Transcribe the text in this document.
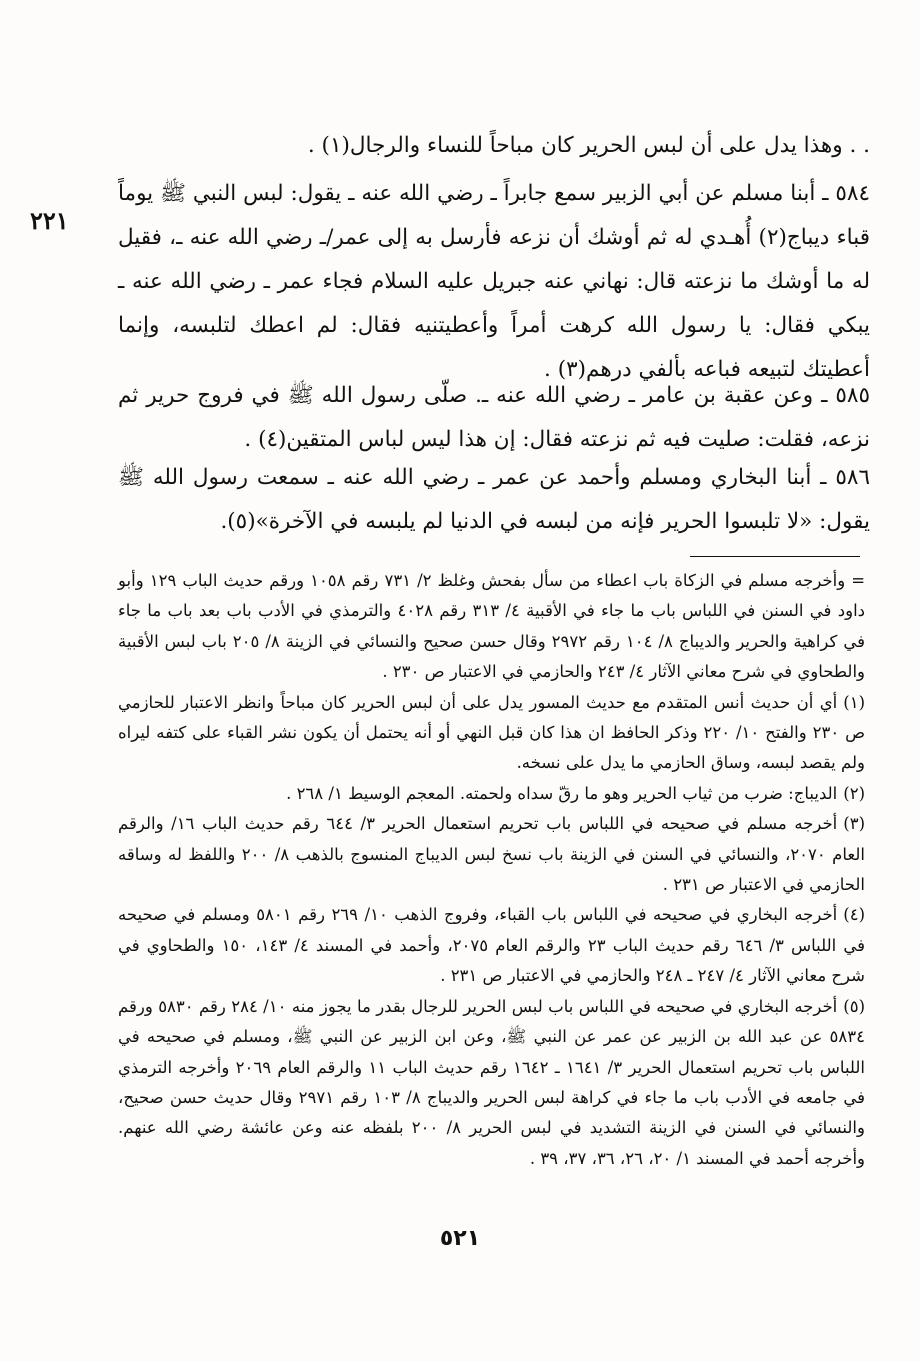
٢٢١

. . وهذا يدل على أن لبس الحرير كان مباحاً للنساء والرجال(١) .

٥٨٤ ـ أبنا مسلم عن أبي الزبير سمع جابراً ـ رضي الله عنه ـ يقول: لبس النبي ﷺ يوماً قباء ديباج(٢) أُهـدي له ثم أوشك أن نزعه فأرسل به إلى عمر/ـ رضي الله عنه ـ، فقيل له ما أوشك ما نزعته قال: نهاني عنه جبريل عليه السلام فجاء عمر ـ رضي الله عنه ـ يبكي فقال: يا رسول الله كرهت أمراً وأعطيتنيه فقال: لم اعطك لتلبسه، وإنما أعطيتك لتبيعه فباعه بألفي درهم(٣) .

٥٨٥ ـ وعن عقبة بن عامر ـ رضي الله عنه ـ. صلّى رسول الله ﷺ في فروج حرير ثم نزعه، فقلت: صليت فيه ثم نزعته فقال: إن هذا ليس لباس المتقين(٤) .

٥٨٦ ـ أبنا البخاري ومسلم وأحمد عن عمر ـ رضي الله عنه ـ سمعت رسول الله ﷺ يقول: «لا تلبسوا الحرير فإنه من لبسه في الدنيا لم يلبسه في الآخرة»(٥).

=وأخرجه مسلم في الزكاة باب اعطاء من سأل بفحش وغلظ ٢/ ٧٣١ رقم ١٠٥٨ ورقم حديث الباب ١٢٩ وأبو داود في السنن في اللباس باب ما جاء في الأقبية ٤/ ٣١٣ رقم ٤٠٢٨ والترمذي في الأدب باب بعد باب ما جاء في كراهية والحرير والديباج ٨/ ١٠٤ رقم ٢٩٧٢ وقال حسن صحيح والنسائي في الزينة ٨/ ٢٠٥ باب لبس الأقبية والطحاوي في شرح معاني الآثار ٤/ ٢٤٣ والحازمي في الاعتبار ص ٢٣٠ .

(١)أي أن حديث أنس المتقدم مع حديث المسور يدل على أن لبس الحرير كان مباحاً وانظر الاعتبار للحازمي ص ٢٣٠ والفتح ١٠/ ٢٢٠ وذكر الحافظ ان هذا كان قبل النهي أو أنه يحتمل أن يكون نشر القباء على كتفه ليراه ولم يقصد لبسه، وساق الحازمي ما يدل على نسخه.

(٢)الديباج: ضرب من ثياب الحرير وهو ما رقّ سداه ولحمته. المعجم الوسيط ١/ ٢٦٨ .

(٣)أخرجه مسلم في صحيحه في اللباس باب تحريم استعمال الحرير ٣/ ٦٤٤ رقم حديث الباب ١٦/ والرقم العام ٢٠٧٠، والنسائي في السنن في الزينة باب نسخ لبس الديباج المنسوج بالذهب ٨/ ٢٠٠ واللفظ له وساقه الحازمي في الاعتبار ص ٢٣١ .

(٤)أخرجه البخاري في صحيحه في اللباس باب القباء، وفروج الذهب ١٠/ ٢٦٩ رقم ٥٨٠١ ومسلم في صحيحه في اللباس ٣/ ٦٤٦ رقم حديث الباب ٢٣ والرقم العام ٢٠٧٥، وأحمد في المسند ٤/ ١٤٣، ١٥٠ والطحاوي في شرح معاني الآثار ٤/ ٢٤٧ ـ ٢٤٨ والحازمي في الاعتبار ص ٢٣١ .

(٥)أخرجه البخاري في صحيحه في اللباس باب لبس الحرير للرجال بقدر ما يجوز منه ١٠/ ٢٨٤ رقم ٥٨٣٠ ورقم ٥٨٣٤ عن عبد الله بن الزبير عن عمر عن النبي ﷺ، وعن ابن الزبير عن النبي ﷺ، ومسلم في صحيحه في اللباس باب تحريم استعمال الحرير ٣/ ١٦٤١ ـ ١٦٤٢ رقم حديث الباب ١١ والرقم العام ٢٠٦٩ وأخرجه الترمذي في جامعه في الأدب باب ما جاء في كراهة لبس الحرير والديباج ٨/ ١٠٣ رقم ٢٩٧١ وقال حديث حسن صحيح، والنسائي في السنن في الزينة التشديد في لبس الحرير ٨/ ٢٠٠ بلفظه عنه وعن عائشة رضي الله عنهم. وأخرجه أحمد في المسند ١/ ٢٠، ٢٦، ٣٦، ٣٧، ٣٩ .

٥٢١
